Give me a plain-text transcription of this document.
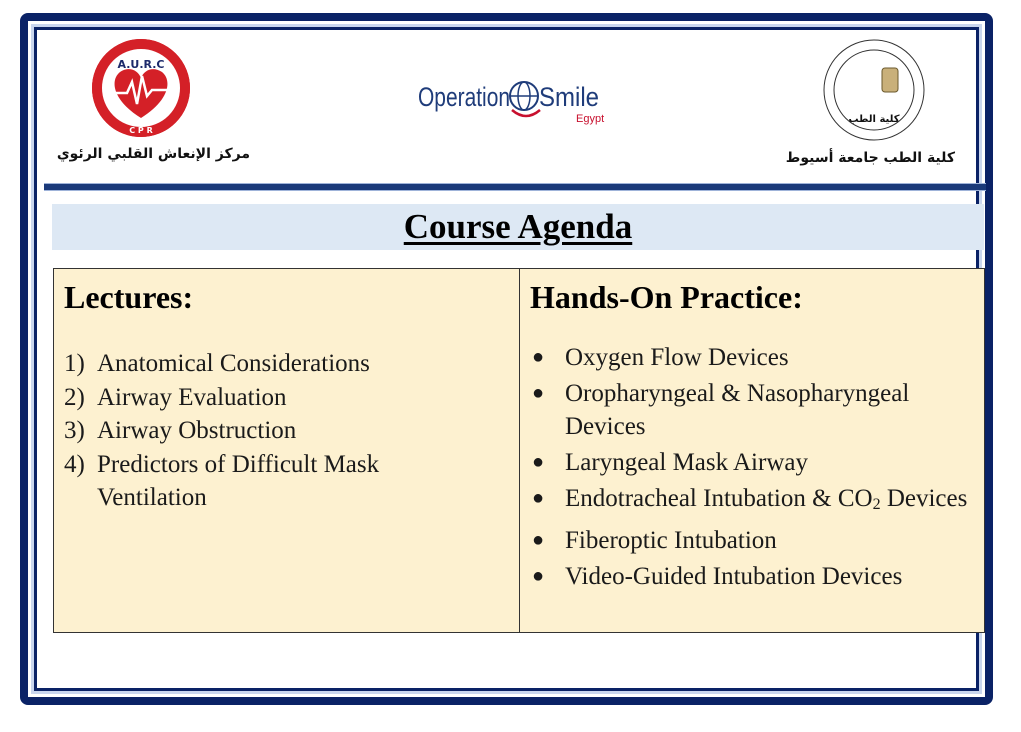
A.U.R.C
C P R
مركز الإنعاش القلبي الرئوي
Operation Smile
Egypt	كلية الطب
كلية الطب جامعة أسيوط
Course Agenda
Lectures:
1) Anatomical Considerations
2) Airway Evaluation
3) Airway Obstruction
4) Predictors of Difficult Mask Ventilation
Hands-On Practice:
● Oxygen Flow Devices
● Oropharyngeal & Nasopharyngeal Devices
● Laryngeal Mask Airway
● Endotracheal Intubation & $CO_2$ Devices
● Fiberoptic Intubation
● Video-Guided Intubation Devices
